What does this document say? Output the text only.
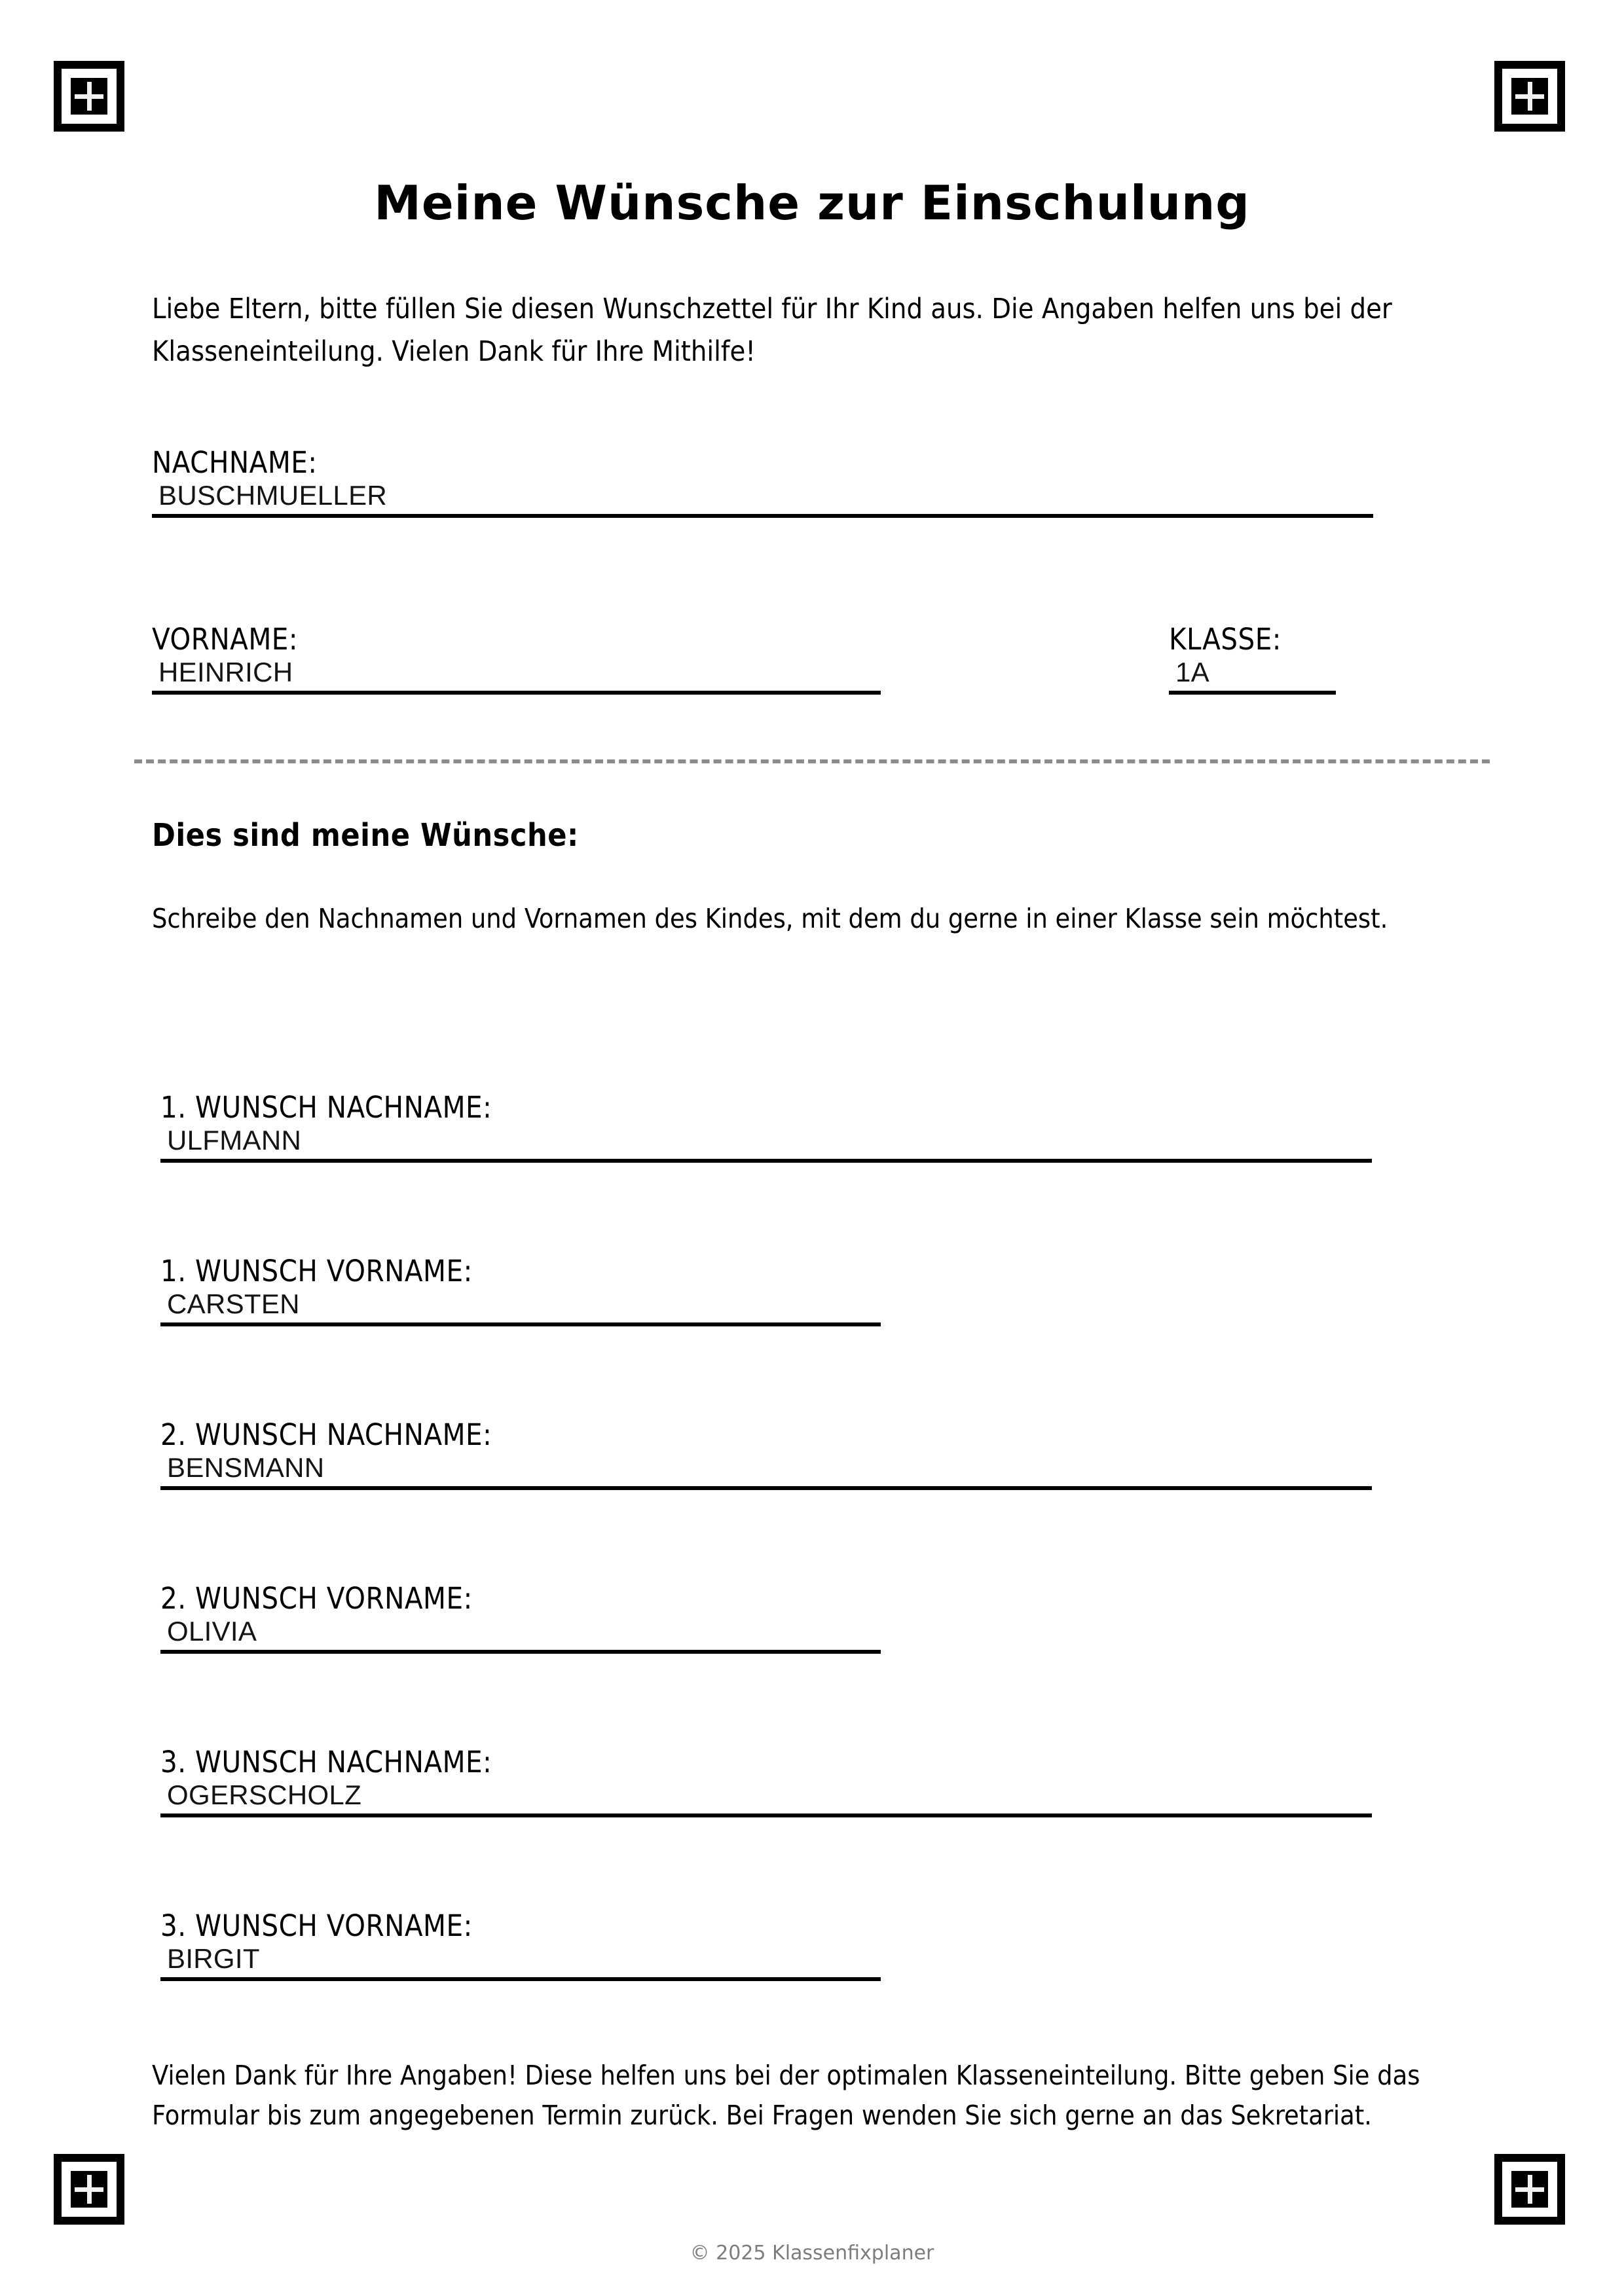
Meine Wünsche zur Einschulung
Liebe Eltern, bitte füllen Sie diesen Wunschzettel für Ihr Kind aus. Die Angaben helfen uns bei der Klasseneinteilung. Vielen Dank für Ihre Mithilfe!
NACHNAME:
BUSCHMUELLER
VORNAME:
HEINRICH
KLASSE:
1A
Dies sind meine Wünsche:
Schreibe den Nachnamen und Vornamen des Kindes, mit dem du gerne in einer Klasse sein möchtest.
1. WUNSCH NACHNAME:
ULFMANN
1. WUNSCH VORNAME:
CARSTEN
2. WUNSCH NACHNAME:
BENSMANN
2. WUNSCH VORNAME:
OLIVIA
3. WUNSCH NACHNAME:
OGERSCHOLZ
3. WUNSCH VORNAME:
BIRGIT
Vielen Dank für Ihre Angaben! Diese helfen uns bei der optimalen Klasseneinteilung. Bitte geben Sie das Formular bis zum angegebenen Termin zurück. Bei Fragen wenden Sie sich gerne an das Sekretariat.
© 2025 Klassenfixplaner
